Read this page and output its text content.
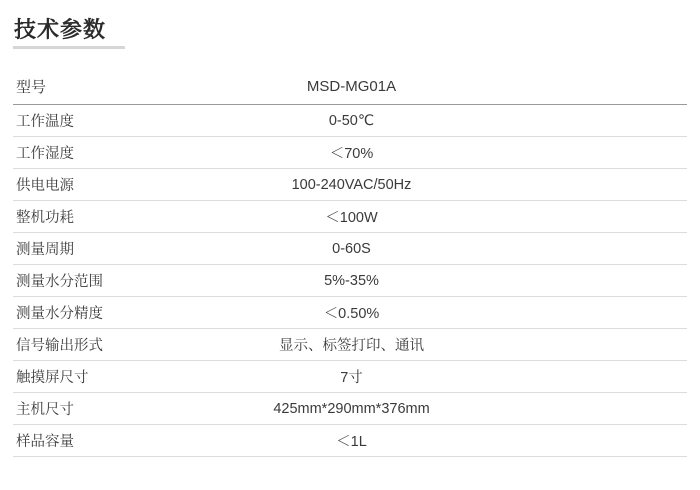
技术参数
型号	MSD-MG01A
工作温度	0-50℃
工作湿度	＜70%
供电电源	100-240VAC/50Hz
整机功耗	＜100W
测量周期	0-60S
测量水分范围	5%-35%
测量水分精度	＜0.50%
信号输出形式	显示、标签打印、通讯
触摸屏尺寸	7寸
主机尺寸	425mm*290mm*376mm
样品容量	＜1L
